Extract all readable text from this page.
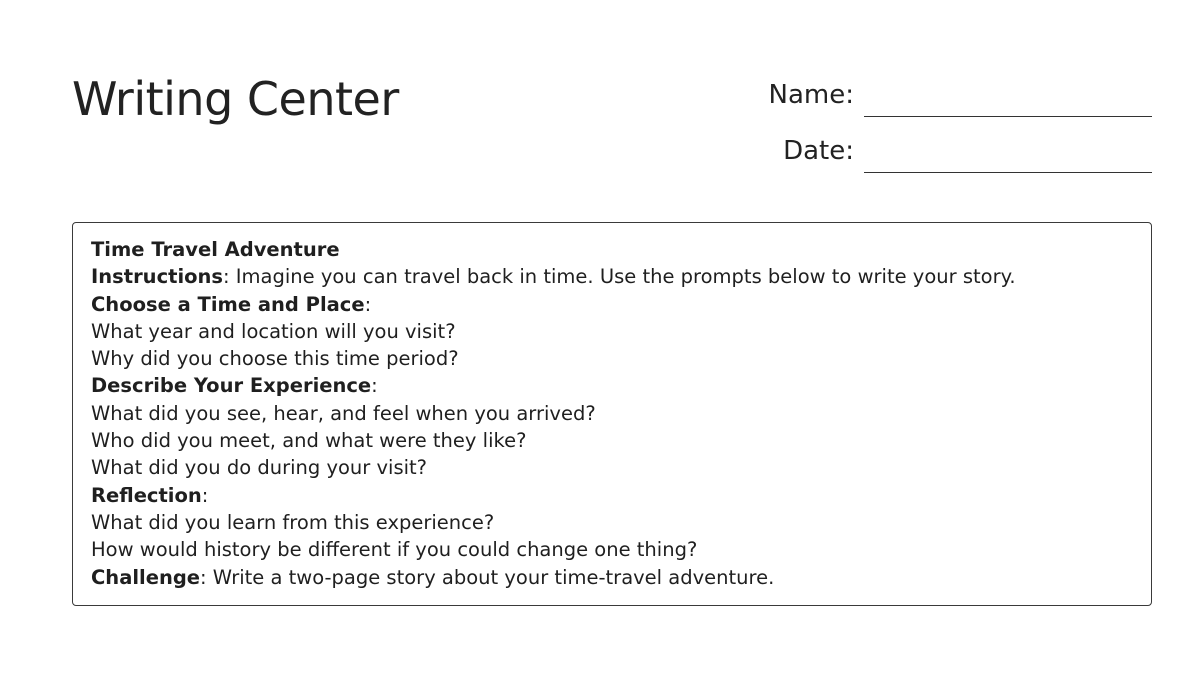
Writing Center	Name:
Date:
Time Travel Adventure
Instructions: Imagine you can travel back in time. Use the prompts below to write your story.
Choose a Time and Place:
What year and location will you visit?
Why did you choose this time period?
Describe Your Experience:
What did you see, hear, and feel when you arrived?
Who did you meet, and what were they like?
What did you do during your visit?
Reflection:
What did you learn from this experience?
How would history be different if you could change one thing?
Challenge: Write a two-page story about your time-travel adventure.
